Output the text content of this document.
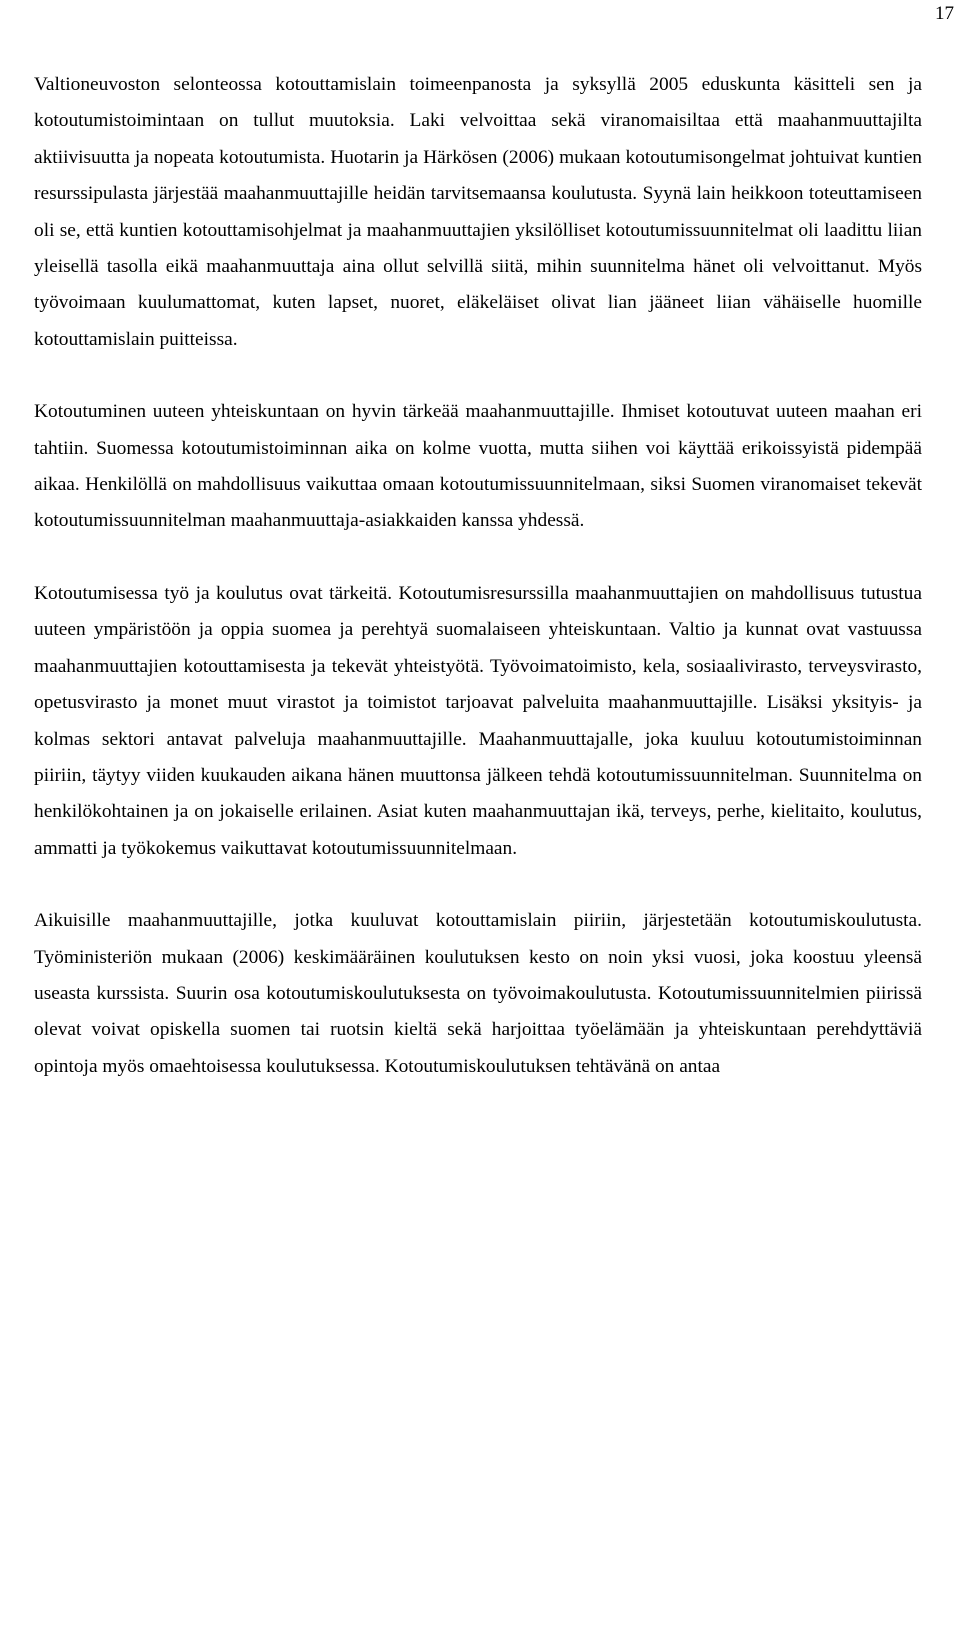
17

Valtioneuvoston selonteossa kotouttamislain toimeenpanosta ja syksyllä 2005 eduskunta käsitteli sen ja kotoutumistoimintaan on tullut muutoksia. Laki velvoittaa sekä viranomaisiltaa että maahanmuuttajilta aktiivisuutta ja nopeata kotoutumista. Huotarin ja Härkösen (2006) mukaan kotoutumisongelmat johtuivat kuntien resurssipulasta järjestää maahanmuuttajille heidän tarvitsemaansa koulutusta. Syynä lain heikkoon toteuttamiseen oli se, että kuntien kotouttamisohjelmat ja maahanmuuttajien yksilölliset kotoutumissuunnitelmat oli laadittu liian yleisellä tasolla eikä maahanmuuttaja aina ollut selvillä siitä, mihin suunnitelma hänet oli velvoittanut. Myös työvoimaan kuulumattomat, kuten lapset, nuoret, eläkeläiset olivat lian jääneet liian vähäiselle huomille kotouttamislain puitteissa.

Kotoutuminen uuteen yhteiskuntaan on hyvin tärkeää maahanmuuttajille. Ihmiset kotoutuvat uuteen maahan eri tahtiin. Suomessa kotoutumistoiminnan aika on kolme vuotta, mutta siihen voi käyttää erikoissyistä pidempää aikaa. Henkilöllä on mahdollisuus vaikuttaa omaan kotoutumissuunnitelmaan, siksi Suomen viranomaiset tekevät kotoutumissuunnitelman maahanmuuttaja-asiakkaiden kanssa yhdessä.

Kotoutumisessa työ ja koulutus ovat tärkeitä. Kotoutumisresurssilla maahanmuuttajien on mahdollisuus tutustua uuteen ympäristöön ja oppia suomea ja perehtyä suomalaiseen yhteiskuntaan. Valtio ja kunnat ovat vastuussa maahanmuuttajien kotouttamisesta ja tekevät yhteistyötä. Työvoimatoimisto, kela, sosiaalivirasto, terveysvirasto, opetusvirasto ja monet muut virastot ja toimistot tarjoavat palveluita maahanmuuttajille. Lisäksi yksityis- ja kolmas sektori antavat palveluja maahanmuuttajille. Maahanmuuttajalle, joka kuuluu kotoutumistoiminnan piiriin, täytyy viiden kuukauden aikana hänen muuttonsa jälkeen tehdä kotoutumissuunnitelman. Suunnitelma on henkilökohtainen ja on jokaiselle erilainen. Asiat kuten maahanmuuttajan ikä, terveys, perhe, kielitaito, koulutus, ammatti ja työkokemus vaikuttavat kotoutumissuunnitelmaan.

Aikuisille maahanmuuttajille, jotka kuuluvat kotouttamislain piiriin, järjestetään kotoutumiskoulutusta. Työministeriön mukaan (2006) keskimääräinen koulutuksen kesto on noin yksi vuosi, joka koostuu yleensä useasta kurssista. Suurin osa kotoutumiskoulutuksesta on työvoimakoulutusta. Kotoutumissuunnitelmien piirissä olevat voivat opiskella suomen tai ruotsin kieltä sekä harjoittaa työelämään ja yhteiskuntaan perehdyttäviä opintoja myös omaehtoisessa koulutuksessa. Kotoutumiskoulutuksen tehtävänä on antaa
